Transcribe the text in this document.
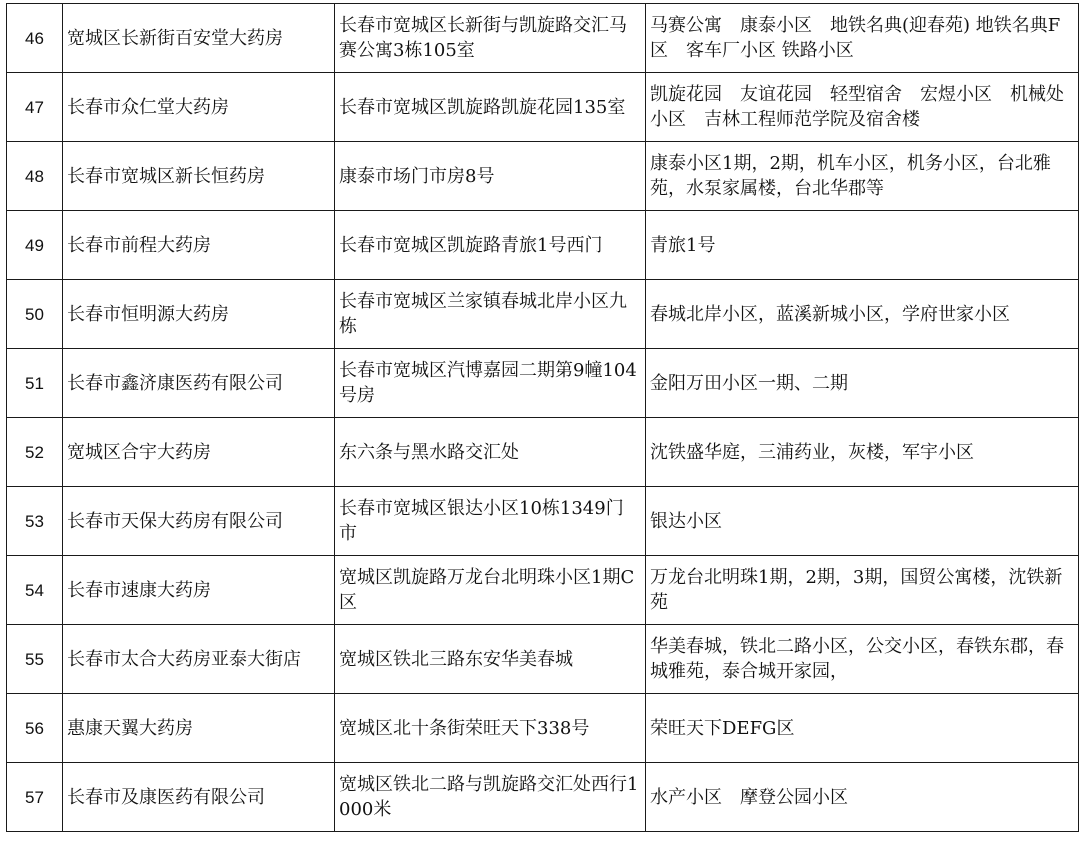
46	宽城区长新街百安堂大药房	长春市宽城区长新街与凯旋路交汇马赛公寓3栋105室	马赛公寓　康泰小区　地铁名典(迎春苑) 地铁名典F区　客车厂小区 铁路小区
47	长春市众仁堂大药房	长春市宽城区凯旋路凯旋花园135室	凯旋花园　友谊花园　轻型宿舍　宏煜小区　机械处小区　吉林工程师范学院及宿舍楼
48	长春市宽城区新长恒药房	康泰市场门市房8号	康泰小区1期，2期，机车小区，机务小区，台北雅苑，水泵家属楼，台北华郡等
49	长春市前程大药房	长春市宽城区凯旋路青旅1号西门	青旅1号
50	长春市恒明源大药房	长春市宽城区兰家镇春城北岸小区九栋	春城北岸小区，蓝溪新城小区，学府世家小区
51	长春市鑫济康医药有限公司	长春市宽城区汽博嘉园二期第9幢104号房	金阳万田小区一期、二期
52	宽城区合宇大药房	东六条与黑水路交汇处	沈铁盛华庭，三浦药业，灰楼，军宇小区
53	长春市天保大药房有限公司	长春市宽城区银达小区10栋1349门市	银达小区
54	长春市速康大药房	宽城区凯旋路万龙台北明珠小区1期C区	万龙台北明珠1期，2期，3期，国贸公寓楼，沈铁新苑
55	长春市太合大药房亚泰大街店	宽城区铁北三路东安华美春城	华美春城，铁北二路小区，公交小区，春铁东郡，春城雅苑，泰合城开家园，
56	惠康天翼大药房	宽城区北十条街荣旺天下338号	荣旺天下DEFG区
57	长春市及康医药有限公司	宽城区铁北二路与凯旋路交汇处西行1000米	水产小区　摩登公园小区
